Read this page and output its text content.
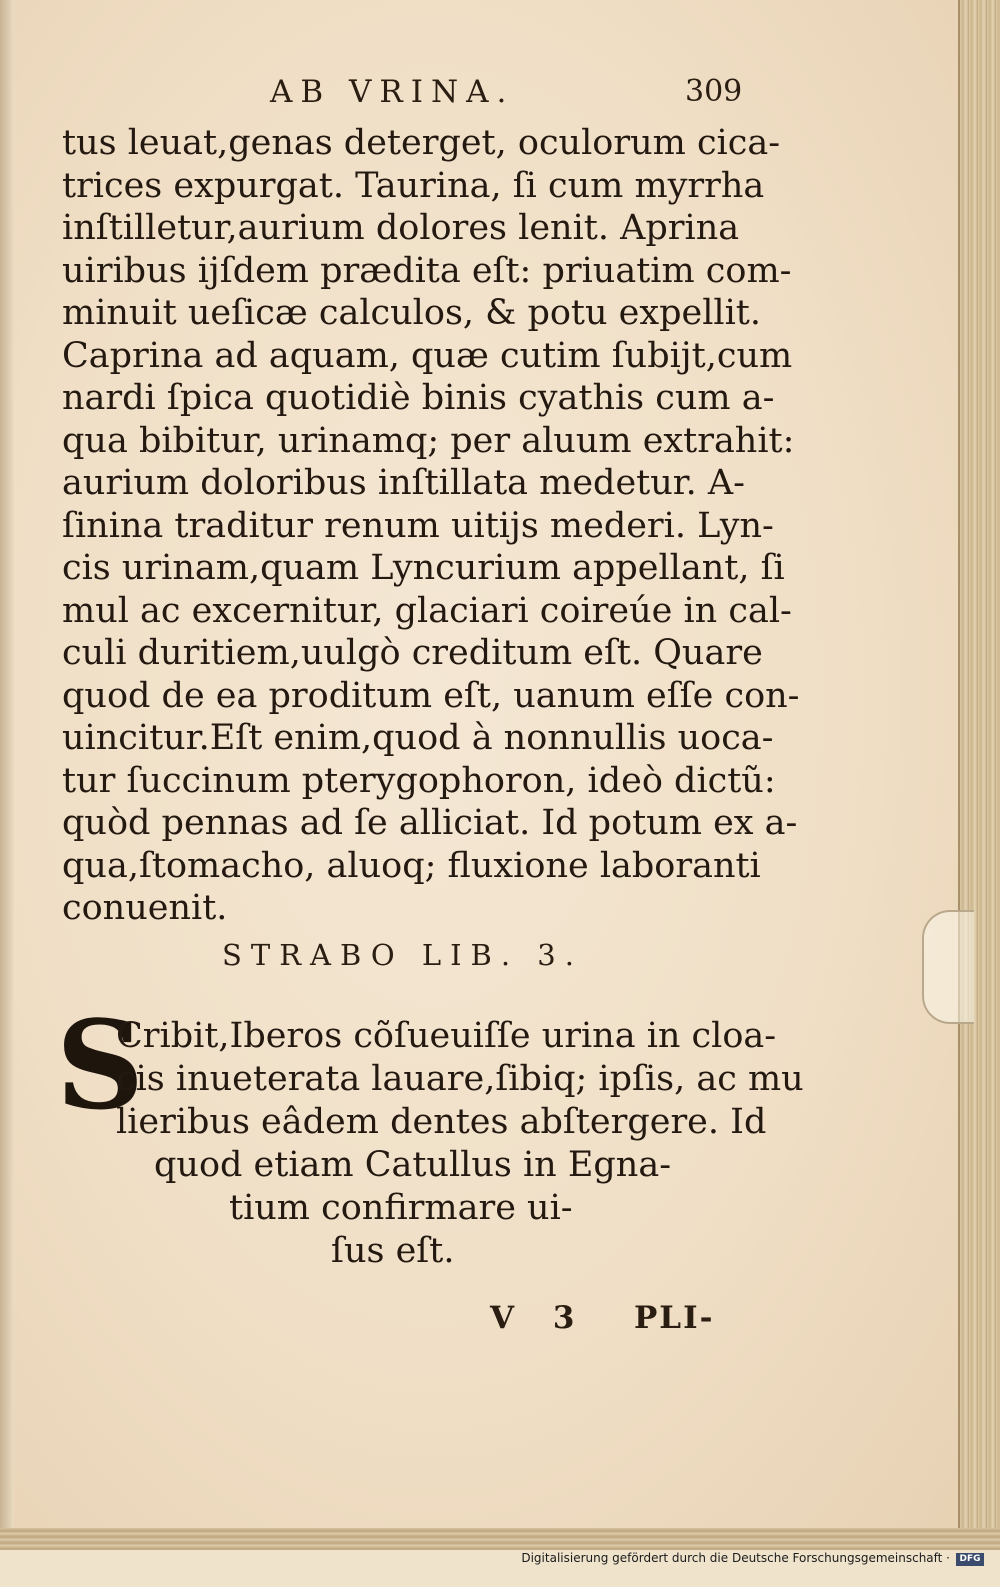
AB VRINA.	309
tus leuat,genas deterget, oculorum cica-
trices expurgat. Taurina, ſi cum myrrha
inſtilletur,aurium dolores lenit. Aprina
uiribus ijſdem prædita eſt: priuatim com-
minuit ueſicæ calculos, & potu expellit.
Caprina ad aquam, quæ cutim ſubijt,cum
nardi ſpica quotidiè binis cyathis cum a-
qua bibitur, urinamq; per aluum extrahit:
aurium doloribus inſtillata medetur. A-
ſinina traditur renum uitijs mederi. Lyn-
cis urinam,quam Lyncurium appellant, ſi
mul ac excernitur, glaciari coireúe in cal-
culi duritiem,uulgò creditum eſt. Quare
quod de ea proditum eſt, uanum eſſe con-
uincitur.Eſt enim,quod à nonnullis uoca-
tur ſuccinum pterygophoron, ideò dictũ:
quòd pennas ad ſe alliciat. Id potum ex a-
qua,ſtomacho, aluoq; fluxione laboranti
conuenit.
STRABO LIB. 3.
S
Cribit,Iberos cõſueuiſſe urina in cloa-
cis inueterata lauare,ſibiq; ipſis, ac mu
lieribus eâdem dentes abſtergere. Id
quod etiam Catullus in Egna-
tium confirmare ui-
ſus eſt.
V 3 PLI-
Digitalisierung gefördert durch die Deutsche Forschungsgemeinschaft ·	DFG
